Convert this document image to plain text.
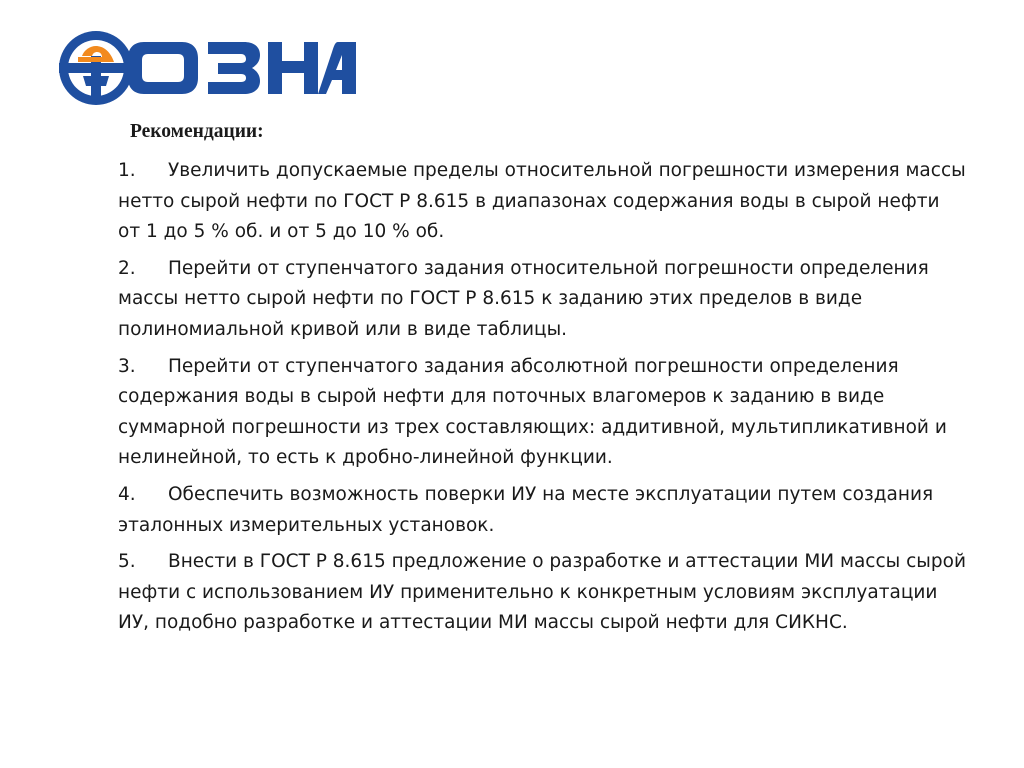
Рекомендации:
1. Увеличить допускаемые пределы относительной погрешности измерения массы нетто сырой нефти по ГОСТ Р 8.615 в диапазонах содержания воды в сырой нефти от 1 до 5 % об. и от 5 до 10 % об.
2. Перейти от ступенчатого задания относительной погрешности определения массы нетто сырой нефти по ГОСТ Р 8.615 к заданию этих пределов в виде полиномиальной кривой или в виде таблицы.
3. Перейти от ступенчатого задания абсолютной погрешности определения содержания воды в сырой нефти для поточных влагомеров к заданию в виде суммарной погрешности из трех составляющих: аддитивной, мультипликативной и нелинейной, то есть к дробно-линейной функции.
4. Обеспечить возможность поверки ИУ на месте эксплуатации путем создания эталонных измерительных установок.
5. Внести в ГОСТ Р 8.615 предложение о разработке и аттестации МИ массы сырой нефти с использованием ИУ применительно к конкретным условиям эксплуатации ИУ, подобно разработке и аттестации МИ массы сырой нефти для СИКНС.
